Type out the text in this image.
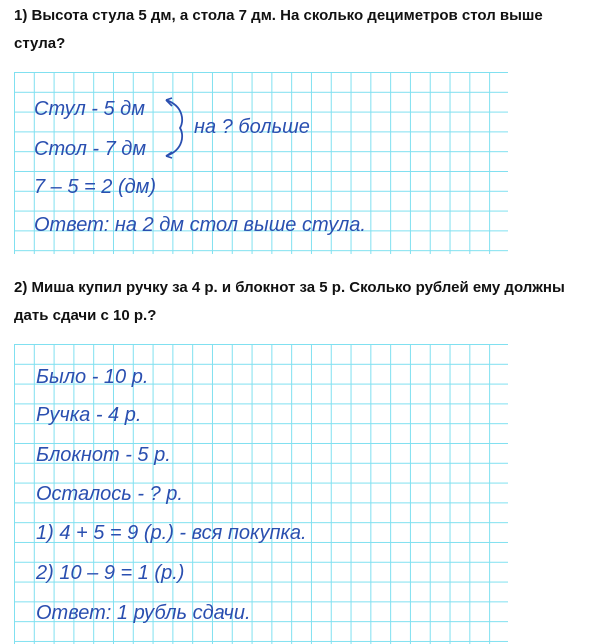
1) Высота стула 5 дм, а стола 7 дм. На сколько дециметров стол выше
стула?
Стул - 5 дм
Стол - 7 дм
на ? больше
7 – 5 = 2 (дм)
Ответ: на 2 дм стол выше стула.
2) Миша купил ручку за 4 р. и блокнот за 5 р. Сколько рублей ему должны
дать сдачи с 10 р.?
Было - 10 р.
Ручка - 4 р.
Блокнот - 5 р.
Осталось - ? р.
1) 4 + 5 = 9 (р.) - вся покупка.
2) 10 – 9 = 1 (р.)
Ответ: 1 рубль сдачи.
